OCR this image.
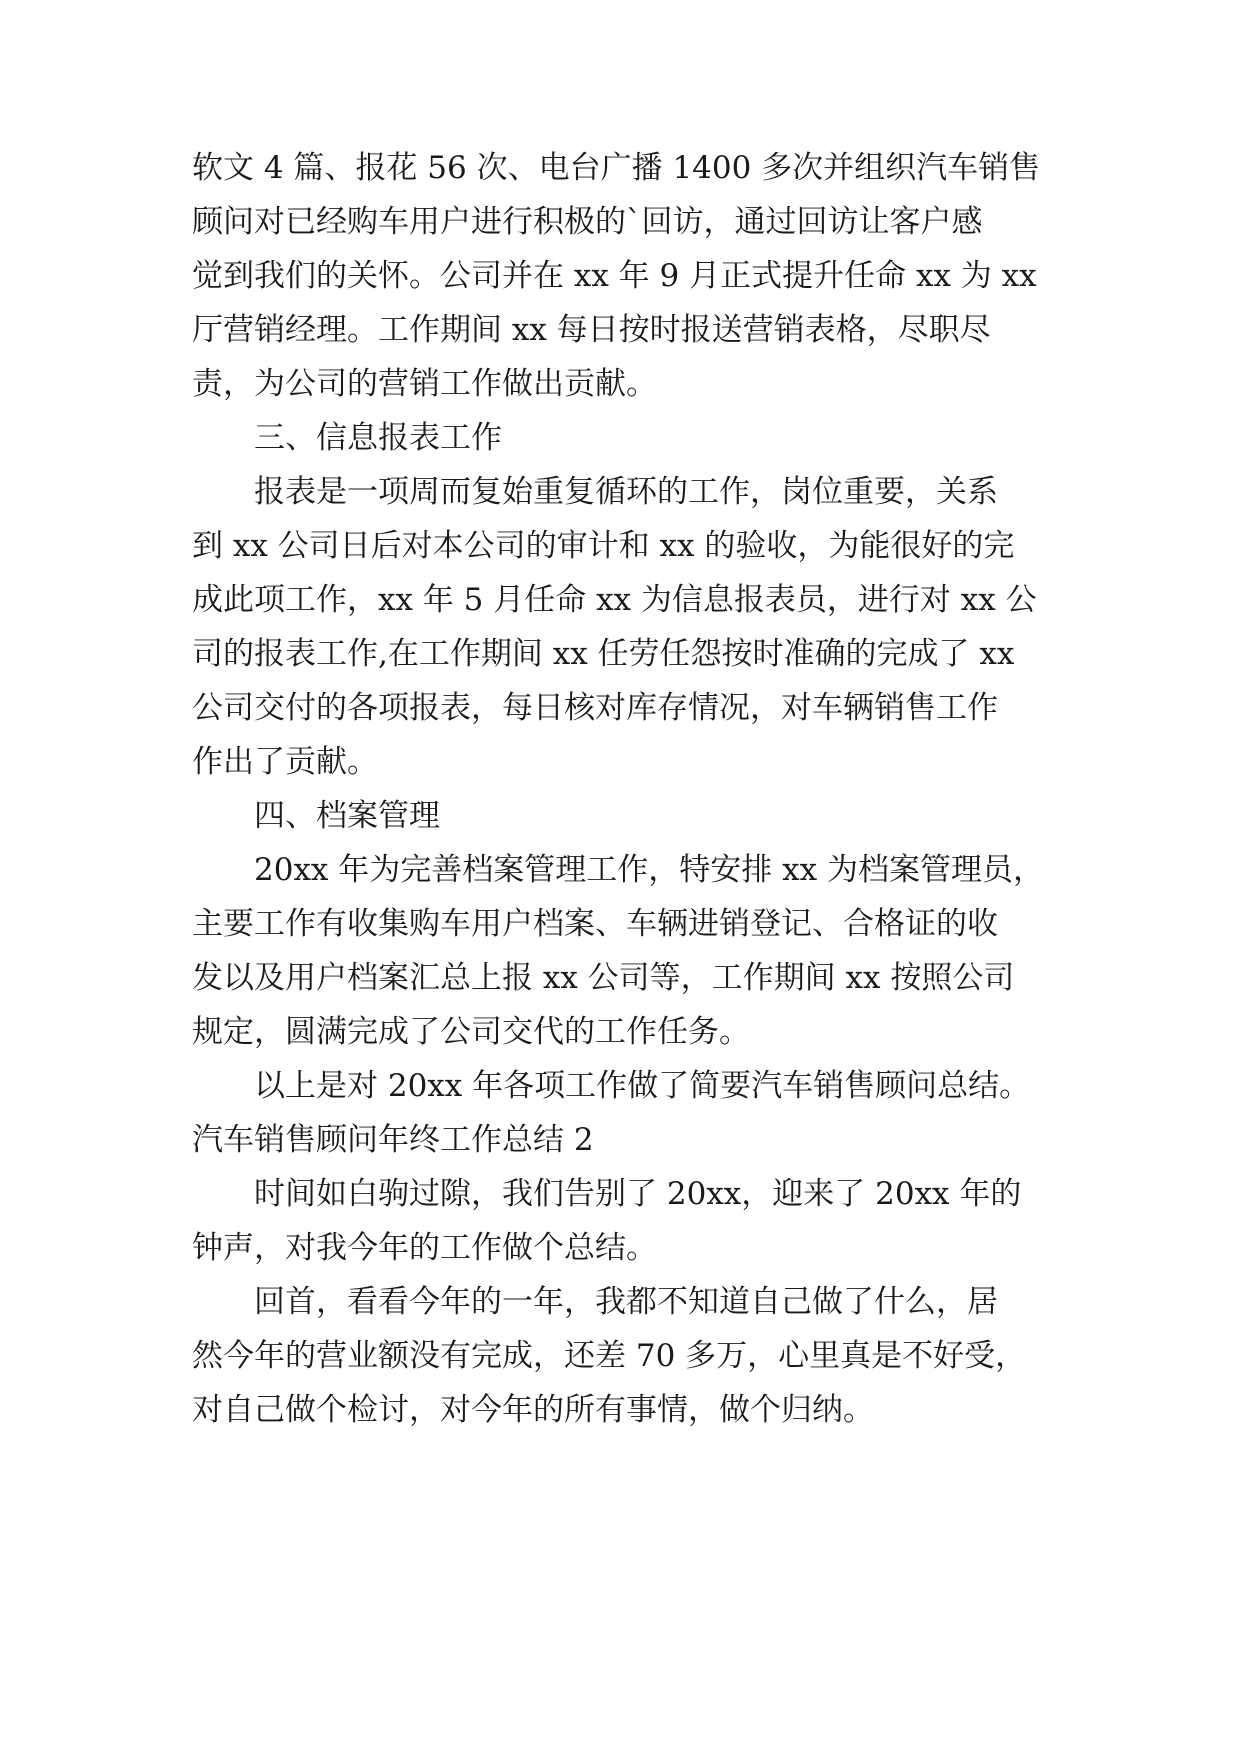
软文 4 篇、报花 56 次、电台广播 1400 多次并组织汽车销售
顾问对已经购车用户进行积极的`回访，通过回访让客户感
觉到我们的关怀。公司并在 xx 年 9 月正式提升任命 xx 为 xx
厅营销经理。工作期间 xx 每日按时报送营销表格，尽职尽
责，为公司的营销工作做出贡献。
三、信息报表工作
报表是一项周而复始重复循环的工作，岗位重要，关系
到 xx 公司日后对本公司的审计和 xx 的验收，为能很好的完
成此项工作，xx 年 5 月任命 xx 为信息报表员，进行对 xx 公
司的报表工作,在工作期间 xx 任劳任怨按时准确的完成了 xx
公司交付的各项报表，每日核对库存情况，对车辆销售工作
作出了贡献。
四、档案管理
20xx 年为完善档案管理工作，特安排 xx 为档案管理员，
主要工作有收集购车用户档案、车辆进销登记、合格证的收
发以及用户档案汇总上报 xx 公司等，工作期间 xx 按照公司
规定，圆满完成了公司交代的工作任务。
以上是对 20xx 年各项工作做了简要汽车销售顾问总结。
汽车销售顾问年终工作总结 2
时间如白驹过隙，我们告别了 20xx，迎来了 20xx 年的
钟声，对我今年的工作做个总结。
回首，看看今年的一年，我都不知道自己做了什么，居
然今年的营业额没有完成，还差 70 多万，心里真是不好受，
对自己做个检讨，对今年的所有事情，做个归纳。
